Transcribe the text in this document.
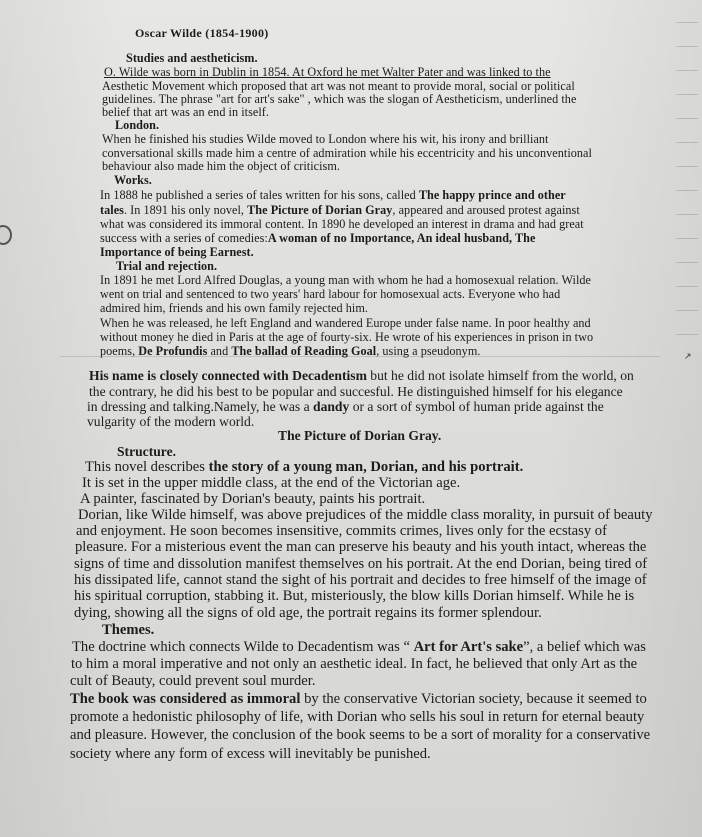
↗
Oscar Wilde (1854-1900)
Studies and aestheticism.
O. Wilde was born in Dublin in 1854. At Oxford he met Walter Pater and was linked to the
Aesthetic Movement which proposed that art was not meant to provide moral, social or political
guidelines. The phrase "art for art's sake" , which was the slogan of Aestheticism, underlined the
belief that art was an end in itself.
London.
When he finished his studies Wilde moved to London where his wit, his irony and brilliant
conversational skills made him a centre of admiration while his eccentricity and his unconventional
behaviour also made him the object of criticism.
Works.
In 1888 he published a series of tales written for his sons, called The happy prince and other
tales. In 1891 his only novel, The Picture of Dorian Gray, appeared and aroused protest against
what was considered its immoral content. In 1890 he developed an interest in drama and had great
success with a series of comedies:A woman of no Importance, An ideal husband, The
Importance of being Earnest.
Trial and rejection.
In 1891 he met Lord Alfred Douglas, a young man with whom he had a homosexual relation. Wilde
went on trial and sentenced to two years' hard labour for homosexual acts. Everyone who had
admired him, friends and his own family rejected him.
When he was released, he left England and wandered Europe under false name. In poor healthy and
without money he died in Paris at the age of fourty-six. He wrote of his experiences in prison in two
poems, De Profundis and The ballad of Reading Goal, using a pseudonym.
His name is closely connected with Decadentism but he did not isolate himself from the world, on
the contrary, he did his best to be popular and succesful. He distinguished himself for his elegance
in dressing and talking.Namely, he was a dandy or a sort of symbol of human pride against the
vulgarity of the modern world.
The Picture of Dorian Gray.
Structure.
This novel describes the story of a young man, Dorian, and his portrait.
It is set in the upper middle class, at the end of the Victorian age.
A painter, fascinated by Dorian's beauty, paints his portrait.
Dorian, like Wilde himself, was above prejudices of the middle class morality, in pursuit of beauty
and enjoyment. He soon becomes insensitive, commits crimes, lives only for the ecstasy of
pleasure. For a misterious event the man can preserve his beauty and his youth intact, whereas the
signs of time and dissolution manifest themselves on his portrait. At the end Dorian, being tired of
his dissipated life, cannot stand the sight of his portrait and decides to free himself of the image of
his spiritual corruption, stabbing it. But, misteriously, the blow kills Dorian himself. While he is
dying, showing all the signs of old age, the portrait regains its former splendour.
Themes.
The doctrine which connects Wilde to Decadentism was “ Art for Art's sake”, a belief which was
to him a moral imperative and not only an aesthetic ideal. In fact, he believed that only Art as the
cult of Beauty, could prevent soul murder.
The book was considered as immoral by the conservative Victorian society, because it seemed to
promote a hedonistic philosophy of life, with Dorian who sells his soul in return for eternal beauty
and pleasure. However, the conclusion of the book seems to be a sort of morality for a conservative
society where any form of excess will inevitably be punished.
